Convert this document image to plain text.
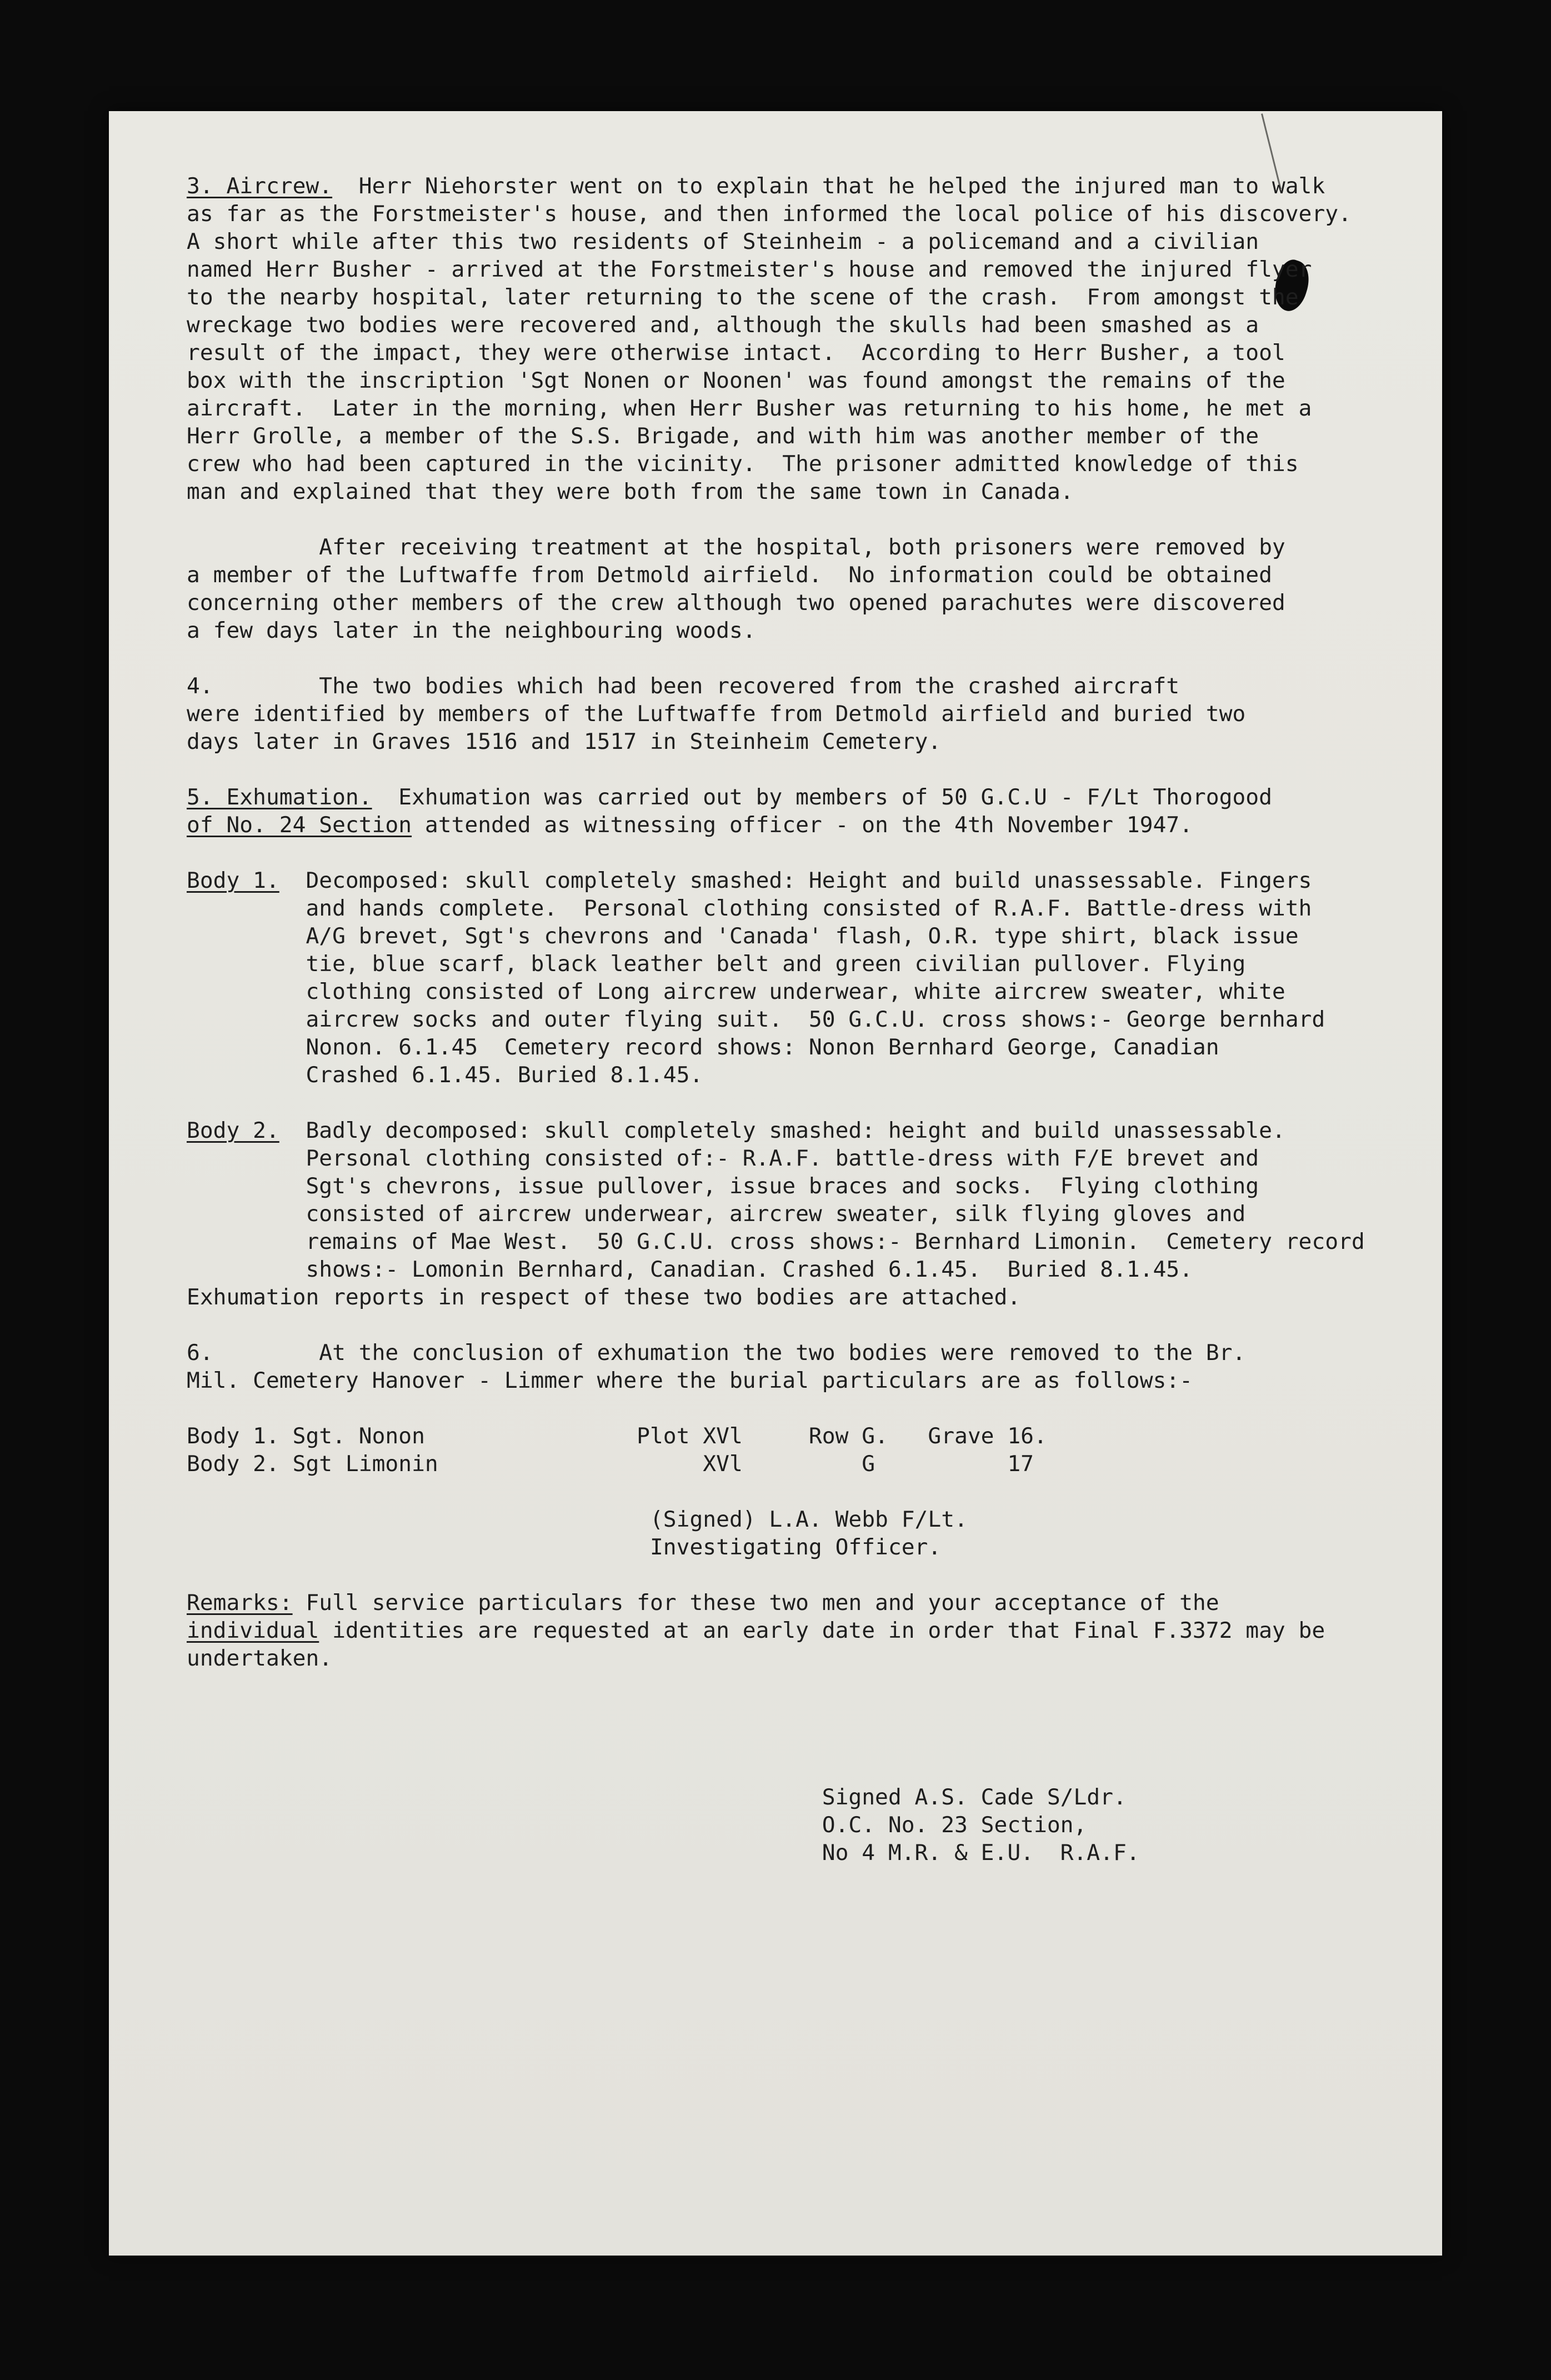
3. Aircrew.  Herr Niehorster went on to explain that he helped the injured man to walk
as far as the Forstmeister's house, and then informed the local police of his discovery.
A short while after this two residents of Steinheim - a policemand and a civilian
named Herr Busher - arrived at the Forstmeister's house and removed the injured flyer
to the nearby hospital, later returning to the scene of the crash.  From amongst the
wreckage two bodies were recovered and, although the skulls had been smashed as a
result of the impact, they were otherwise intact.  According to Herr Busher, a tool
box with the inscription 'Sgt Nonen or Noonen' was found amongst the remains of the
aircraft.  Later in the morning, when Herr Busher was returning to his home, he met a
Herr Grolle, a member of the S.S. Brigade, and with him was another member of the
crew who had been captured in the vicinity.  The prisoner admitted knowledge of this
man and explained that they were both from the same town in Canada.
After receiving treatment at the hospital, both prisoners were removed by
a member of the Luftwaffe from Detmold airfield.  No information could be obtained
concerning other members of the crew although two opened parachutes were discovered
a few days later in the neighbouring woods.
4.        The two bodies which had been recovered from the crashed aircraft
were identified by members of the Luftwaffe from Detmold airfield and buried two
days later in Graves 1516 and 1517 in Steinheim Cemetery.
5. Exhumation.  Exhumation was carried out by members of 50 G.C.U - F/Lt Thorogood
of No. 24 Section attended as witnessing officer - on the 4th November 1947.
Body 1.  Decomposed: skull completely smashed: Height and build unassessable. Fingers
and hands complete.  Personal clothing consisted of R.A.F. Battle-dress with
A/G brevet, Sgt's chevrons and 'Canada' flash, O.R. type shirt, black issue
tie, blue scarf, black leather belt and green civilian pullover. Flying
clothing consisted of Long aircrew underwear, white aircrew sweater, white
aircrew socks and outer flying suit.  50 G.C.U. cross shows:- George bernhard
Nonon. 6.1.45  Cemetery record shows: Nonon Bernhard George, Canadian
Crashed 6.1.45. Buried 8.1.45.
Body 2.  Badly decomposed: skull completely smashed: height and build unassessable.
Personal clothing consisted of:- R.A.F. battle-dress with F/E brevet and
Sgt's chevrons, issue pullover, issue braces and socks.  Flying clothing
consisted of aircrew underwear, aircrew sweater, silk flying gloves and
remains of Mae West.  50 G.C.U. cross shows:- Bernhard Limonin.  Cemetery record
shows:- Lomonin Bernhard, Canadian. Crashed 6.1.45.  Buried 8.1.45.
Exhumation reports in respect of these two bodies are attached.
6.        At the conclusion of exhumation the two bodies were removed to the Br.
Mil. Cemetery Hanover - Limmer where the burial particulars are as follows:-
Body 1. Sgt. Nonon                Plot XVl     Row G.   Grave 16.
Body 2. Sgt Limonin                    XVl         G          17
(Signed) L.A. Webb F/Lt.
Investigating Officer.
Remarks: Full service particulars for these two men and your acceptance of the
individual identities are requested at an early date in order that Final F.3372 may be
undertaken.
Signed A.S. Cade S/Ldr.
O.C. No. 23 Section,
No 4 M.R. & E.U.  R.A.F.
